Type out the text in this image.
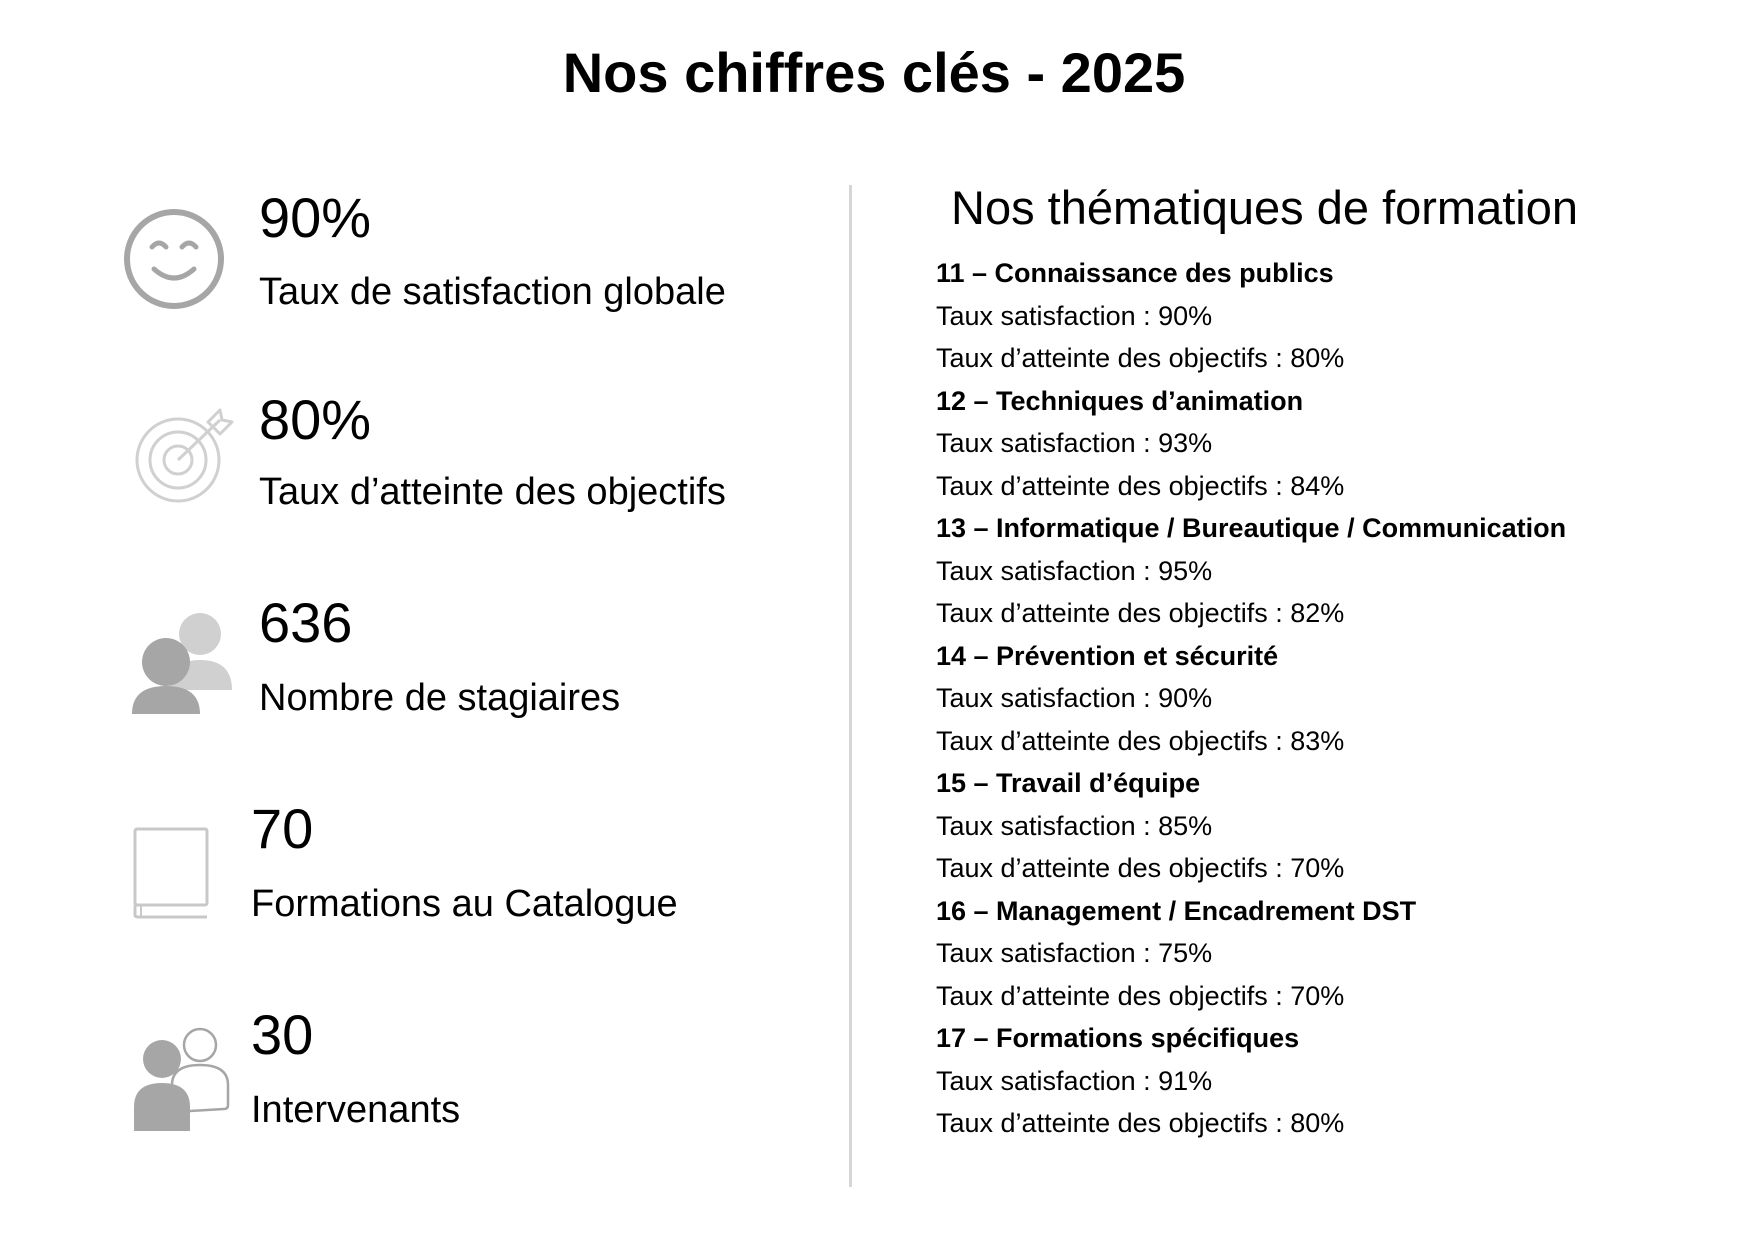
Nos chiffres clés - 2025
90%
Taux de satisfaction globale
80%
Taux d’atteinte des objectifs
636
Nombre de stagiaires
70
Formations au Catalogue
30
Intervenants
Nos thématiques de formation
11 – Connaissance des publics
Taux satisfaction : 90%
Taux d’atteinte des objectifs : 80%
12 – Techniques d’animation
Taux satisfaction : 93%
Taux d’atteinte des objectifs : 84%
13 – Informatique / Bureautique / Communication
Taux satisfaction : 95%
Taux d’atteinte des objectifs : 82%
14 – Prévention et sécurité
Taux satisfaction : 90%
Taux d’atteinte des objectifs : 83%
15 – Travail d’équipe
Taux satisfaction : 85%
Taux d’atteinte des objectifs : 70%
16 – Management / Encadrement DST
Taux satisfaction : 75%
Taux d’atteinte des objectifs : 70%
17 – Formations spécifiques
Taux satisfaction : 91%
Taux d’atteinte des objectifs : 80%
